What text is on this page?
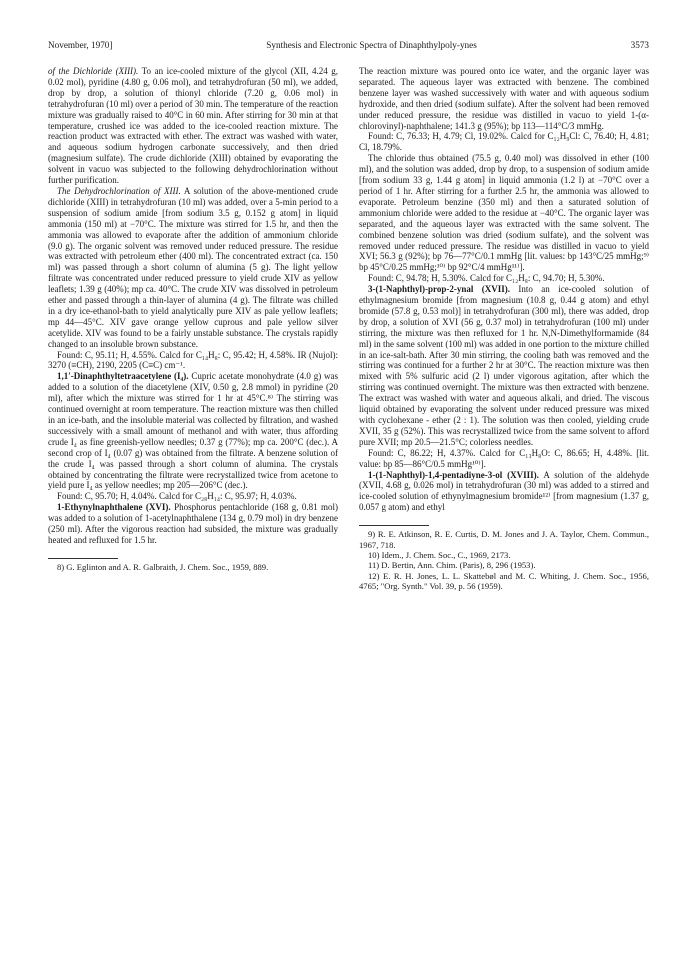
November, 1970]	Synthesis and Electronic Spectra of Dinaphthylpoly-ynes	3573

of the Dichloride (XIII). To an ice-cooled mixture of the glycol (XII, 4.24 g, 0.02 mol), pyridine (4.80 g, 0.06 mol), and tetrahydrofuran (50 ml), we added, drop by drop, a solution of thionyl chloride (7.20 g, 0.06 mol) in tetrahydrofuran (10 ml) over a period of 30 min. The temperature of the reaction mixture was gradually raised to 40°C in 60 min. After stirring for 30 min at that temperature, crushed ice was added to the ice-cooled reaction mixture. The reaction product was extracted with ether. The extract was washed with water, and aqueous sodium hydrogen carbonate successively, and then dried (magnesium sulfate). The crude dichloride (XIII) obtained by evaporating the solvent in vacuo was subjected to the following dehydrochlorination without further purification.

The Dehydrochlorination of XIII. A solution of the above-mentioned crude dichloride (XIII) in tetrahydrofuran (10 ml) was added, over a 5-min period to a suspension of sodium amide [from sodium 3.5 g, 0.152 g atom] in liquid ammonia (150 ml) at −70°C. The mixture was stirred for 1.5 hr, and then the ammonia was allowed to evaporate after the addition of ammonium chloride (9.0 g). The organic solvent was removed under reduced pressure. The residue was extracted with petroleum ether (400 ml). The concentrated extract (ca. 150 ml) was passed through a short column of alumina (5 g). The light yellow filtrate was concentrated under reduced pressure to yield crude XIV as yellow leaflets; 1.39 g (40%); mp ca. 40°C. The crude XIV was dissolved in petroleum ether and passed through a thin-layer of alumina (4 g). The filtrate was chilled in a dry ice-ethanol-bath to yield analytically pure XIV as pale yellow leaflets; mp 44—45°C. XIV gave orange yellow cuprous and pale yellow silver acetylide. XIV was found to be a fairly unstable substance. The crystals rapidly changed to an insoluble brown substance.

Found: C, 95.11; H, 4.55%. Calcd for C₁₄H₈: C, 95.42; H, 4.58%. IR (Nujol): 3270 (≡CH), 2190, 2205 (C≡C) cm⁻¹.

1,1′-Dinaphthyltetraacetylene (I₄). Cupric acetate monohydrate (4.0 g) was added to a solution of the diacetylene (XIV, 0.50 g, 2.8 mmol) in pyridine (20 ml), after which the mixture was stirred for 1 hr at 45°C.⁸⁾ The stirring was continued overnight at room temperature. The reaction mixture was then chilled in an ice-bath, and the insoluble material was collected by filtration, and washed successively with a small amount of methanol and with water, thus affording crude I₄ as fine greenish-yellow needles; 0.37 g (77%); mp ca. 200°C (dec.). A second crop of I₄ (0.07 g) was obtained from the filtrate. A benzene solution of the crude I₄ was passed through a short column of alumina. The crystals obtained by concentrating the filtrate were recrystallized twice from acetone to yield pure I₄ as yellow needles; mp 205—206°C (dec.).

Found: C, 95.70; H, 4.04%. Calcd for C₂₈H₁₄: C, 95.97; H, 4.03%.

1-Ethynylnaphthalene (XVI). Phosphorus pentachloride (168 g, 0.81 mol) was added to a solution of 1-acetylnaphthalene (134 g, 0.79 mol) in dry benzene (250 ml). After the vigorous reaction had subsided, the mixture was gradually heated and refluxed for 1.5 hr.

8) G. Eglinton and A. R. Galbraith, J. Chem. Soc., 1959, 889.

The reaction mixture was poured onto ice water, and the organic layer was separated. The aqueous layer was extracted with benzene. The combined benzene layer was washed successively with water and with aqueous sodium hydroxide, and then dried (sodium sulfate). After the solvent had been removed under reduced pressure, the residue was distilled in vacuo to yield 1-(α-chlorovinyl)-naphthalene; 141.3 g (95%); bp 113—114°C/3 mmHg.

Found: C, 76.33; H, 4.79; Cl, 19.02%. Calcd for C₁₂H₉Cl: C, 76.40; H, 4.81; Cl, 18.79%.

The chloride thus obtained (75.5 g, 0.40 mol) was dissolved in ether (100 ml), and the solution was added, drop by drop, to a suspension of sodium amide [from sodium 33 g, 1.44 g atom] in liquid ammonia (1.2 l) at −70°C over a period of 1 hr. After stirring for a further 2.5 hr, the ammonia was allowed to evaporate. Petroleum benzine (350 ml) and then a saturated solution of ammonium chloride were added to the residue at −40°C. The organic layer was separated, and the aqueous layer was extracted with the same solvent. The combined benzene solution was dried (sodium sulfate), and the solvent was removed under reduced pressure. The residue was distilled in vacuo to yield XVI; 56.3 g (92%); bp 76—77°C/0.1 mmHg [lit. values: bp 143°C/25 mmHg;⁹⁾ bp 45°C/0.25 mmHg;¹⁰⁾ bp 92°C/4 mmHg¹¹⁾].

Found: C, 94.78; H, 5.30%. Calcd for C₁₂H₈: C, 94.70; H, 5.30%.

3-(1-Naphthyl)-prop-2-ynal (XVII). Into an ice-cooled solution of ethylmagnesium bromide [from magnesium (10.8 g, 0.44 g atom) and ethyl bromide (57.8 g, 0.53 mol)] in tetrahydrofuran (300 ml), there was added, drop by drop, a solution of XVI (56 g, 0.37 mol) in tetrahydrofuran (100 ml) under stirring, the mixture was then refluxed for 1 hr. N,N-Dimethylformamide (84 ml) in the same solvent (100 ml) was added in one portion to the mixture chilled in an ice-salt-bath. After 30 min stirring, the cooling bath was removed and the stirring was continued for a further 2 hr at 30°C. The reaction mixture was then mixed with 5% sulfuric acid (2 l) under vigorous agitation, after which the stirring was continued overnight. The mixture was then extracted with benzene. The extract was washed with water and aqueous alkali, and dried. The viscous liquid obtained by evaporating the solvent under reduced pressure was mixed with cyclohexane - ether (2 : 1). The solution was then cooled, yielding crude XVII, 35 g (52%). This was recrystallized twice from the same solvent to afford pure XVII; mp 20.5—21.5°C; colorless needles.

Found: C, 86.22; H, 4.37%. Calcd for C₁₃H₈O: C, 86.65; H, 4.48%. [lit. value: bp 85—86°C/0.5 mmHg¹⁰⁾].

1-(1-Naphthyl)-1,4-pentadiyne-3-ol (XVIII). A solution of the aldehyde (XVII, 4.68 g, 0.026 mol) in tetrahydrofuran (30 ml) was added to a stirred and ice-cooled solution of ethynylmagnesium bromide¹²⁾ [from magnesium (1.37 g, 0.057 g atom) and ethyl

9) R. E. Atkinson, R. E. Curtis, D. M. Jones and J. A. Taylor, Chem. Commun., 1967, 718.

10) Idem., J. Chem. Soc., C., 1969, 2173.

11) D. Bertin, Ann. Chim. (Paris), 8, 296 (1953).

12) E. R. H. Jones, L. L. Skattebøl and M. C. Whiting, J. Chem. Soc., 1956, 4765; "Org. Synth." Vol. 39, p. 56 (1959).
